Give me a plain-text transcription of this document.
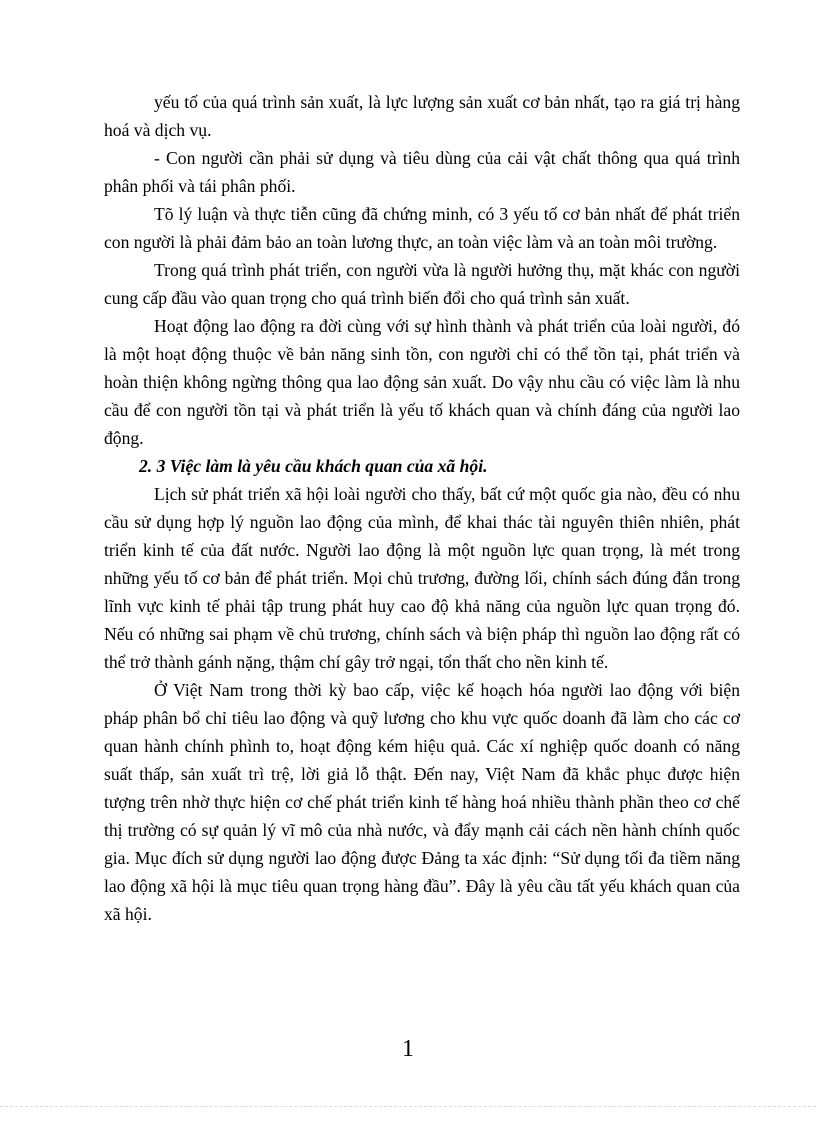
yếu tố của quá trình sản xuất, là lực lượng sản xuất cơ bản nhất, tạo ra giá trị hàng hoá và dịch vụ.

- Con người cần phải sử dụng và tiêu dùng của cải vật chất thông qua quá trình phân phối và tái phân phối.

Tõ lý luận và thực tiễn cũng đã chứng minh, có 3 yếu tố cơ bản nhất để phát triển con người là phải đảm bảo an toàn lương thực, an toàn việc làm và an toàn môi trường.

Trong quá trình phát triển, con người vừa là người hưởng thụ, mặt khác con người cung cấp đầu vào quan trọng cho quá trình biến đổi cho quá trình sản xuất.

Hoạt động lao động ra đời cùng với sự hình thành và phát triển của loài người, đó là một hoạt động thuộc về bản năng sinh tồn, con người chỉ có thể tồn tại, phát triển và hoàn thiện không ngừng thông qua lao động sản xuất. Do vậy nhu cầu có việc làm là nhu cầu để con người tồn tại và phát triển là yếu tố khách quan và chính đáng của người lao động.

2. 3 Việc làm là yêu cầu khách quan của xã hội.

Lịch sử phát triển xã hội loài người cho thấy, bất cứ một quốc gia nào, đều có nhu cầu sử dụng hợp lý nguồn lao động của mình, để khai thác tài nguyên thiên nhiên, phát triển kinh tế của đất nước. Người lao động là một nguồn lực quan trọng, là mét trong những yếu tố cơ bản để phát triển. Mọi chủ trương, đường lối, chính sách đúng đắn trong lĩnh vực kinh tế phải tập trung phát huy cao độ khả năng của nguồn lực quan trọng đó. Nếu có những sai phạm về chủ trương, chính sách và biện pháp thì nguồn lao động rất có thể trở thành gánh nặng, thậm chí gây trở ngại, tổn thất cho nền kinh tế.

Ở Việt Nam trong thời kỳ bao cấp, việc kế hoạch hóa người lao động với biện pháp phân bổ chỉ tiêu lao động và quỹ lương cho khu vực quốc doanh đã làm cho các cơ quan hành chính phình to, hoạt động kém hiệu quả. Các xí nghiệp quốc doanh có năng suất thấp, sản xuất trì trệ, lời giả lỗ thật. Đến nay, Việt Nam đã khắc phục được hiện tượng trên nhờ thực hiện cơ chế phát triển kinh tế hàng hoá nhiều thành phần theo cơ chế thị trường có sự quản lý vĩ mô của nhà nước, và đẩy mạnh cải cách nền hành chính quốc gia. Mục đích sử dụng người lao động được Đảng ta xác định: “Sử dụng tối đa tiềm năng lao động xã hội là mục tiêu quan trọng hàng đầu”. Đây là yêu cầu tất yếu khách quan của xã hội.

1
